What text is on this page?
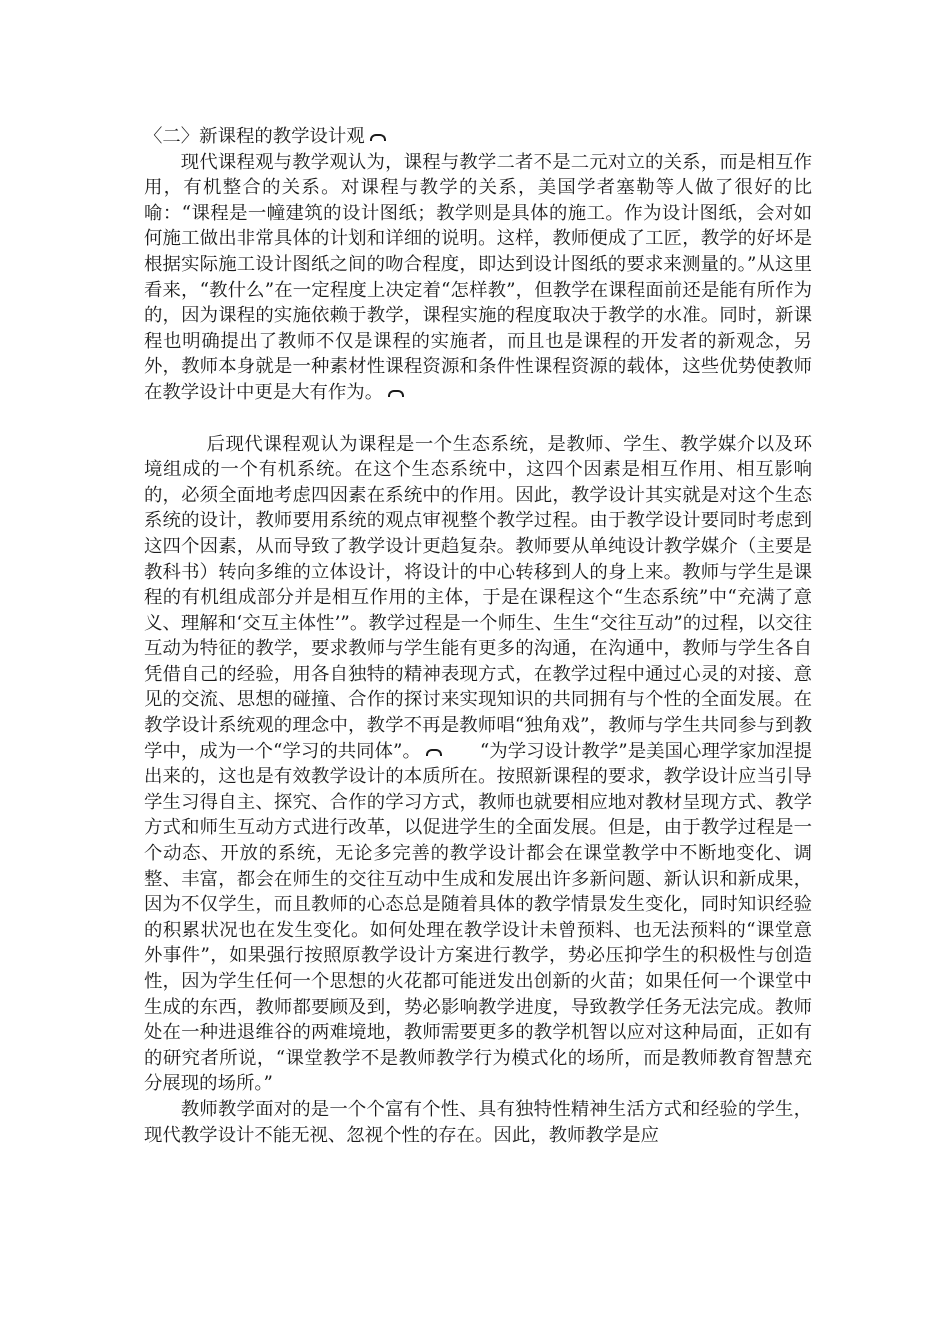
〈二〉新课程的教学设计观

现代课程观与教学观认为，课程与教学二者不是二元对立的关系，而是相互作用，有机整合的关系。对课程与教学的关系，美国学者塞勒等人做了很好的比喻：“课程是一幢建筑的设计图纸；教学则是具体的施工。作为设计图纸，会对如何施工做出非常具体的计划和详细的说明。这样，教师便成了工匠，教学的好坏是根据实际施工设计图纸之间的吻合程度，即达到设计图纸的要求来测量的。”从这里看来，“教什么”在一定程度上决定着“怎样教”，但教学在课程面前还是能有所作为的，因为课程的实施依赖于教学，课程实施的程度取决于教学的水准。同时，新课程也明确提出了教师不仅是课程的实施者，而且也是课程的开发者的新观念，另外，教师本身就是一种素材性课程资源和条件性课程资源的载体，这些优势使教师在教学设计中更是大有作为。

后现代课程观认为课程是一个生态系统，是教师、学生、教学媒介以及环境组成的一个有机系统。在这个生态系统中，这四个因素是相互作用、相互影响的，必须全面地考虑四因素在系统中的作用。因此，教学设计其实就是对这个生态系统的设计，教师要用系统的观点审视整个教学过程。由于教学设计要同时考虑到这四个因素，从而导致了教学设计更趋复杂。教师要从单纯设计教学媒介（主要是教科书）转向多维的立体设计，将设计的中心转移到人的身上来。教师与学生是课程的有机组成部分并是相互作用的主体，于是在课程这个“生态系统”中“充满了意义、理解和‘交互主体性’”。教学过程是一个师生、生生“交往互动”的过程，以交往互动为特征的教学，要求教师与学生能有更多的沟通，在沟通中，教师与学生各自凭借自己的经验，用各自独特的精神表现方式，在教学过程中通过心灵的对接、意见的交流、思想的碰撞、合作的探讨来实现知识的共同拥有与个性的全面发展。在教学设计系统观的理念中，教学不再是教师唱“独角戏”，教师与学生共同参与到教学中，成为一个“学习的共同体”。　　	“为学习设计教学”是美国心理学家加涅提出来的，这也是有效教学设计的本质所在。按照新课程的要求，教学设计应当引导学生习得自主、探究、合作的学习方式，教师也就要相应地对教材呈现方式、教学方式和师生互动方式进行改革，以促进学生的全面发展。但是，由于教学过程是一个动态、开放的系统，无论多完善的教学设计都会在课堂教学中不断地变化、调整、丰富，都会在师生的交往互动中生成和发展出许多新问题、新认识和新成果，因为不仅学生，而且教师的心态总是随着具体的教学情景发生变化，同时知识经验的积累状况也在发生变化。如何处理在教学设计未曾预料、也无法预料的“课堂意外事件”，如果强行按照原教学设计方案进行教学，势必压抑学生的积极性与创造性，因为学生任何一个思想的火花都可能迸发出创新的火苗；如果任何一个课堂中生成的东西，教师都要顾及到，势必影响教学进度，导致教学任务无法完成。教师处在一种进退维谷的两难境地，教师需要更多的教学机智以应对这种局面，正如有的研究者所说，“课堂教学不是教师教学行为模式化的场所，而是教师教育智慧充分展现的场所。”

教师教学面对的是一个个富有个性、具有独特性精神生活方式和经验的学生，现代教学设计不能无视、忽视个性的存在。因此，教师教学是应
